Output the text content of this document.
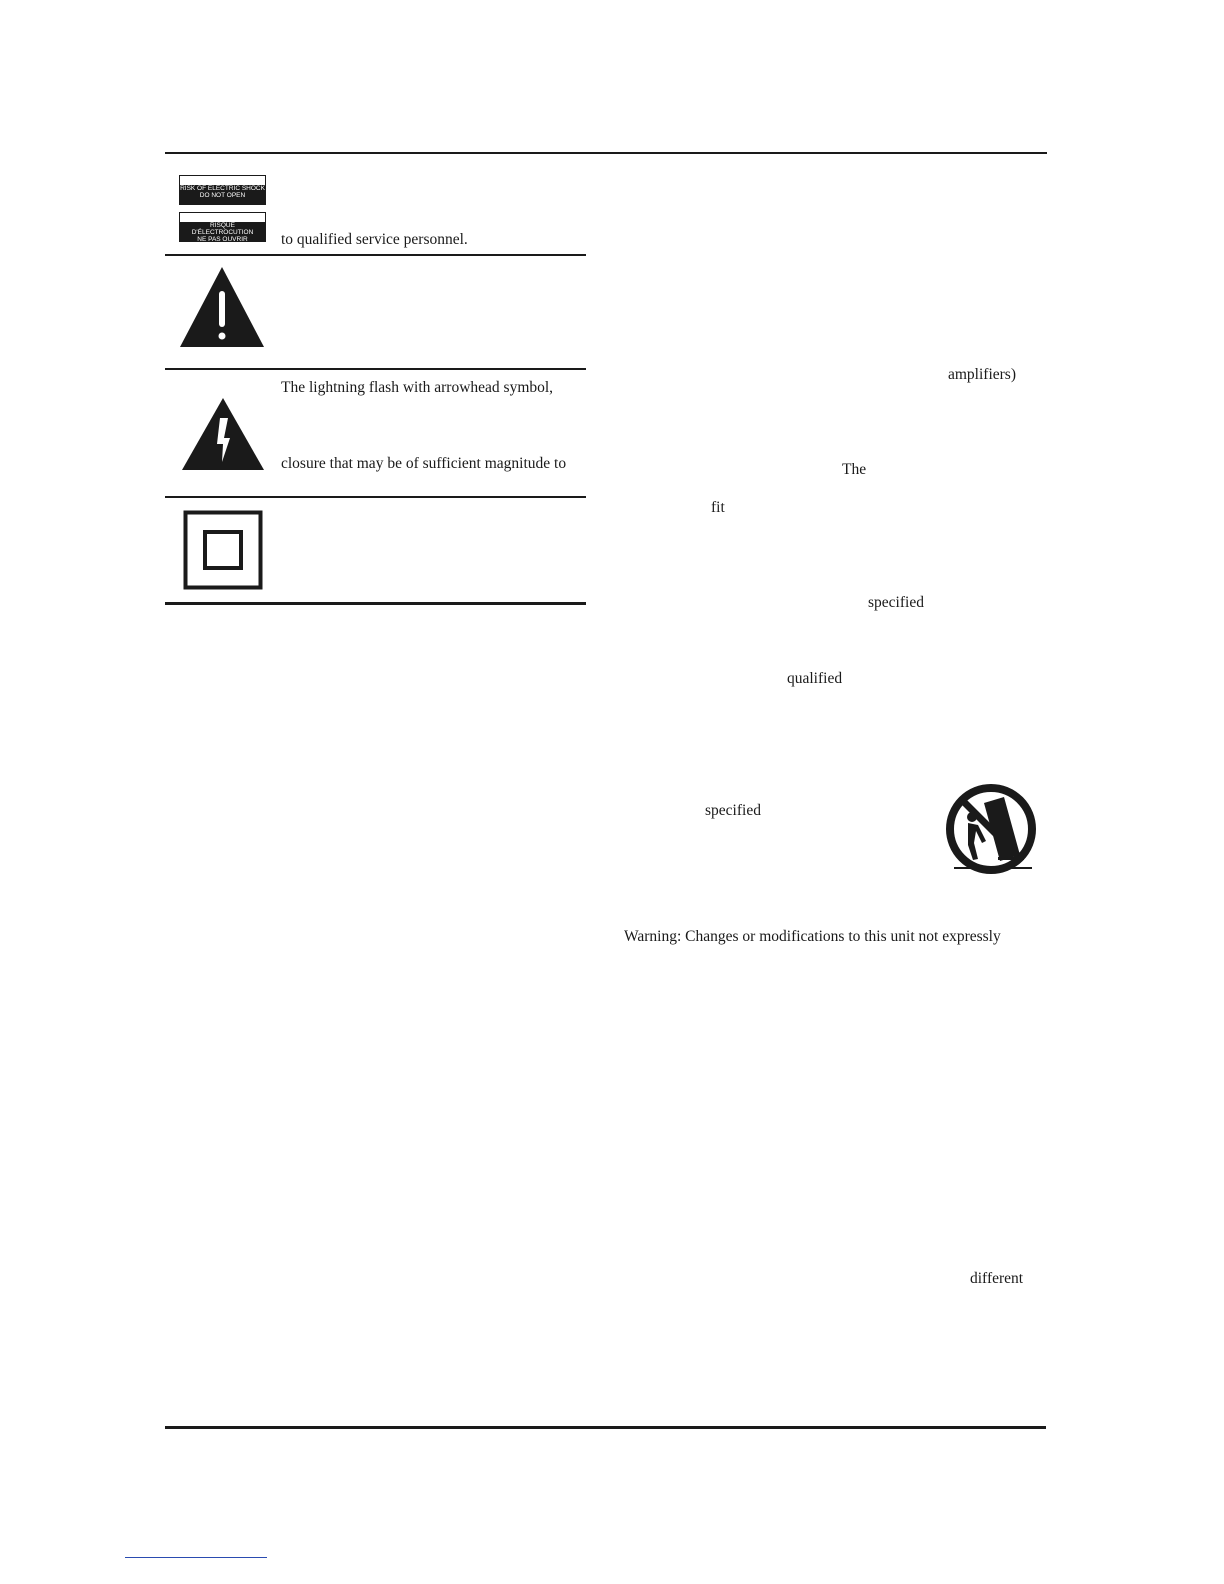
RISK OF ELECTRIC SHOCK
DO NOT OPEN
RISQUE D'ÉLECTROCUTION
NE PAS OUVRIR	to qualified service personnel.
The lightning flash with arrowhead symbol,
closure that may be of sufficient magnitude to
amplifiers)
The
fit
specified
qualified
specified
Warning: Changes or modifications to this unit not expressly
different
